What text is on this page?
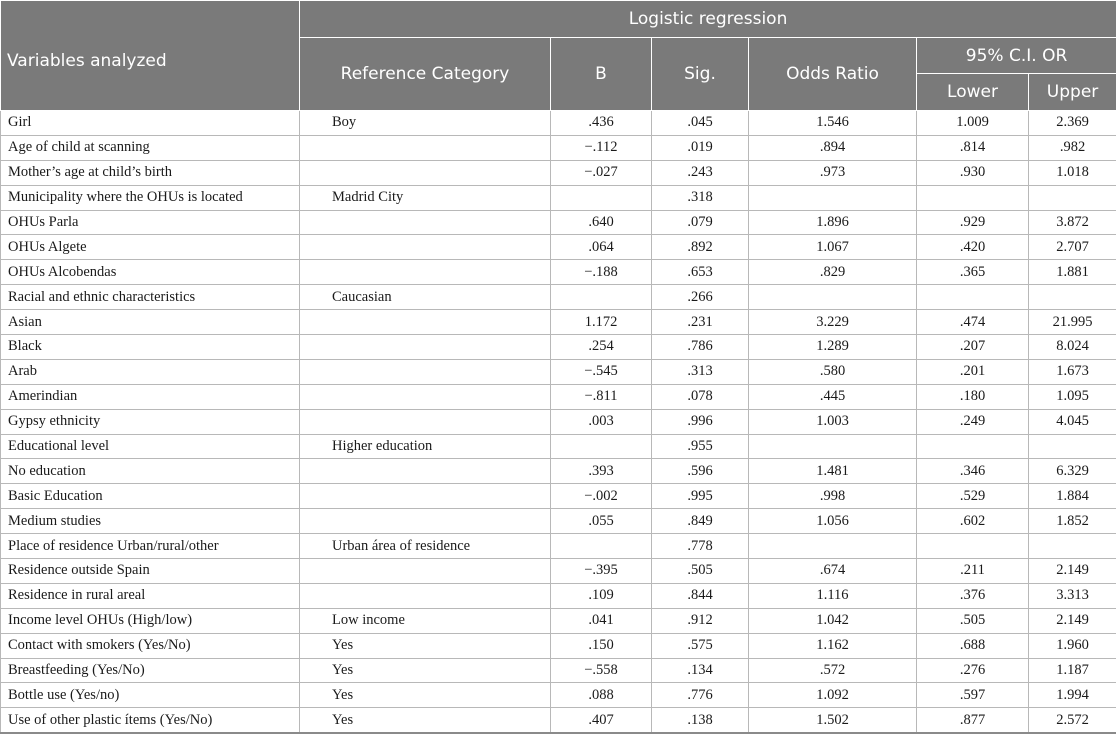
Variables analyzed	Logistic regression					
	Reference Category	B	Sig.	Odds Ratio	95% C.I. OR	
					Lower	Upper
Girl	Boy	.436	.045	1.546	1.009	2.369
Age of child at scanning		−.112	.019	.894	.814	.982
Mother’s age at child’s birth		−.027	.243	.973	.930	1.018
Municipality where the OHUs is located	Madrid City		.318			
OHUs Parla		.640	.079	1.896	.929	3.872
OHUs Algete		.064	.892	1.067	.420	2.707
OHUs Alcobendas		−.188	.653	.829	.365	1.881
Racial and ethnic characteristics	Caucasian		.266			
Asian		1.172	.231	3.229	.474	21.995
Black		.254	.786	1.289	.207	8.024
Arab		−.545	.313	.580	.201	1.673
Amerindian		−.811	.078	.445	.180	1.095
Gypsy ethnicity		.003	.996	1.003	.249	4.045
Educational level	Higher education		.955			
No education		.393	.596	1.481	.346	6.329
Basic Education		−.002	.995	.998	.529	1.884
Medium studies		.055	.849	1.056	.602	1.852
Place of residence Urban/rural/other	Urban área of residence		.778			
Residence outside Spain		−.395	.505	.674	.211	2.149
Residence in rural areal		.109	.844	1.116	.376	3.313
Income level OHUs (High/low)	Low income	.041	.912	1.042	.505	2.149
Contact with smokers (Yes/No)	Yes	.150	.575	1.162	.688	1.960
Breastfeeding (Yes/No)	Yes	−.558	.134	.572	.276	1.187
Bottle use (Yes/no)	Yes	.088	.776	1.092	.597	1.994
Use of other plastic ítems (Yes/No)	Yes	.407	.138	1.502	.877	2.572
